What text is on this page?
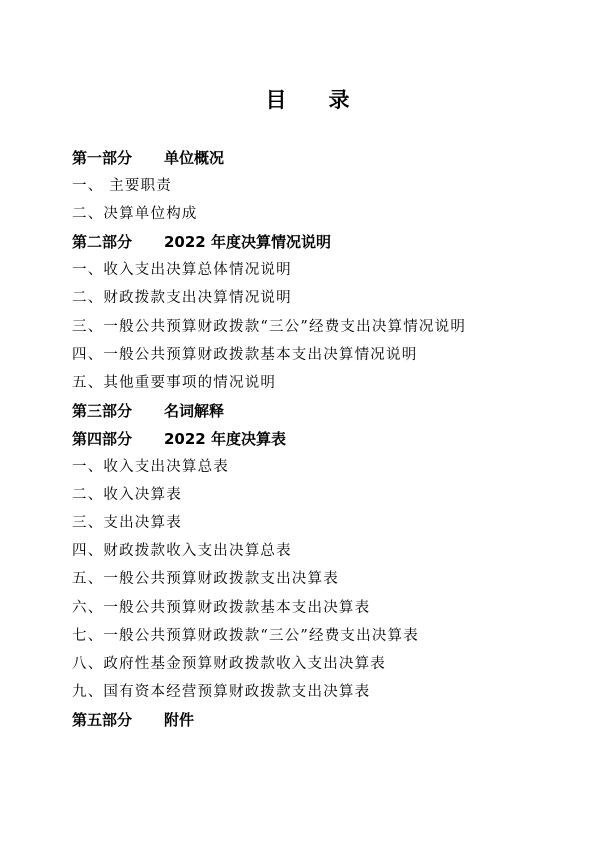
目 录
第一部分 单位概况
一、 主要职责
二、决算单位构成
第二部分 2022 年度决算情况说明
一、收入支出决算总体情况说明
二、财政拨款支出决算情况说明
三、一般公共预算财政拨款“三公”经费支出决算情况说明
四、一般公共预算财政拨款基本支出决算情况说明
五、其他重要事项的情况说明
第三部分 名词解释
第四部分 2022 年度决算表
一、收入支出决算总表
二、收入决算表
三、支出决算表
四、财政拨款收入支出决算总表
五、一般公共预算财政拨款支出决算表
六、一般公共预算财政拨款基本支出决算表
七、一般公共预算财政拨款“三公”经费支出决算表
八、政府性基金预算财政拨款收入支出决算表
九、国有资本经营预算财政拨款支出决算表
第五部分 附件
